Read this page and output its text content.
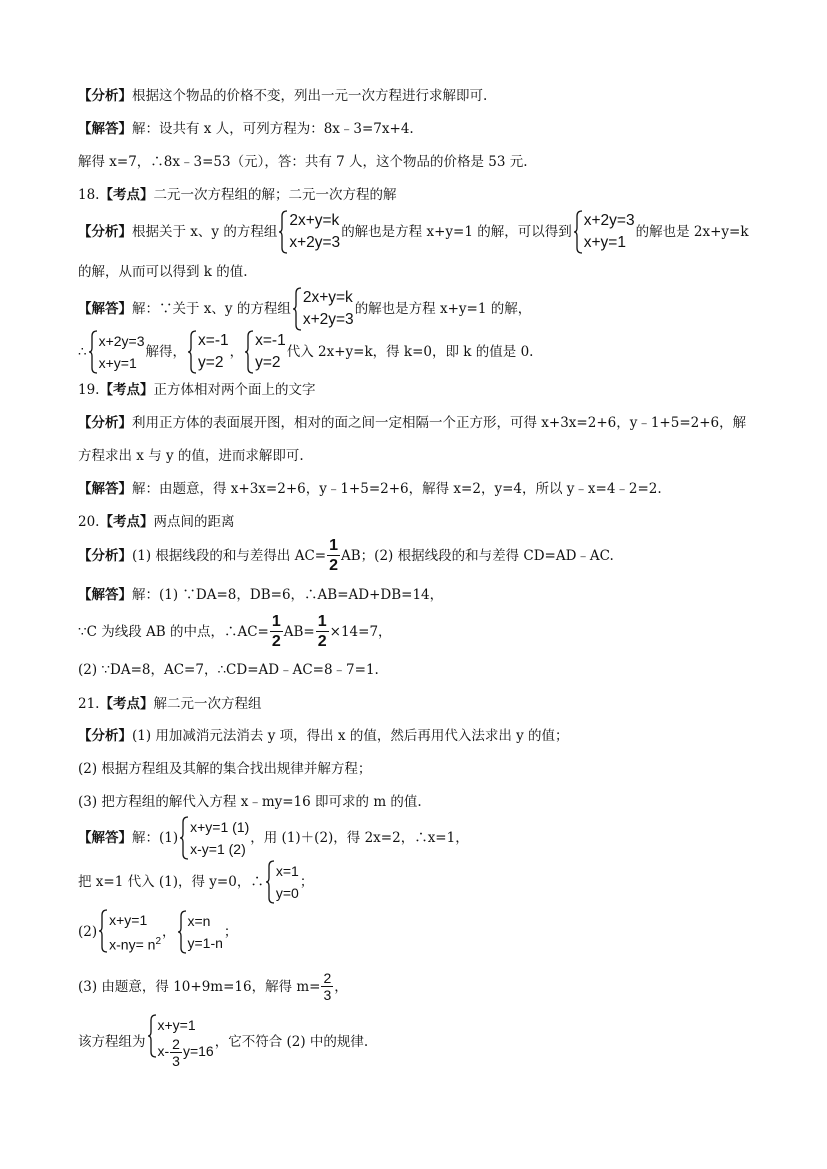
【分析】根据这个物品的价格不变，列出一元一次方程进行求解即可.
【解答】解：设共有 x 人，可列方程为：8x﹣3=7x+4.
解得 x=7，∴8x﹣3=53（元），答：共有 7 人，这个物品的价格是 53 元.
18.【考点】二元一次方程组的解；二元一次方程的解
【分析】根据关于 x、y 的方程组
2x+y=k
x+2y=3
的解也是方程 x+y=1 的解，可以得到
x+2y=3
x+y=1
的解也是 2x+y=k
的解，从而可以得到 k 的值.
【解答】解：∵关于 x、y 的方程组
2x+y=k
x+2y=3
的解也是方程 x+y=1 的解，
∴
x+2y=3
x+y=1
解得，
x=-1
y=2
，
x=-1
y=2
代入 2x+y=k，得 k=0，即 k 的值是 0.
19.【考点】正方体相对两个面上的文字
【分析】利用正方体的表面展开图，相对的面之间一定相隔一个正方形，可得 x+3x=2+6，y﹣1+5=2+6，解
方程求出 x 与 y 的值，进而求解即可.
【解答】解：由题意，得 x+3x=2+6，y﹣1+5=2+6，解得 x=2，y=4，所以 y﹣x=4﹣2=2.
20.【考点】两点间的距离
【分析】(1) 根据线段的和与差得出 $AC= \frac{1}{2}$ AB；(2) 根据线段的和与差得 CD=AD﹣AC.
【解答】解：(1) ∵DA=8，DB=6，∴AB=AD+DB=14，
∵C 为线段 AB 的中点，∴AC= $\frac{1}{2} AB= \frac{1}{2} \times 14=7$，
(2) ∵DA=8，AC=7，∴CD=AD﹣AC=8﹣7=1.
21.【考点】解二元一次方程组
【分析】(1) 用加减消元法消去 y 项，得出 x 的值，然后再用代入法求出 y 的值；
(2) 根据方程组及其解的集合找出规律并解方程；
(3) 把方程组的解代入方程 x﹣my=16 即可求的 m 的值.
【解答】解：(1)
x+y=1 (1)
x-y=1 (2)
，用 (1)＋(2)，得 2x=2，∴x=1，
把 x=1 代入 (1)，得 y=0，∴
x=1
y=0
；
(2)
x+y=1
$x-ny= n^2$
，
x=n
y=1-n
；
(3) 由题意，得 10+9m=16，解得 $m= \frac{2}{3}$ ，
该方程组为
x+y=1
$x- \frac{2}{3} y=16$
，它不符合 (2) 中的规律.
